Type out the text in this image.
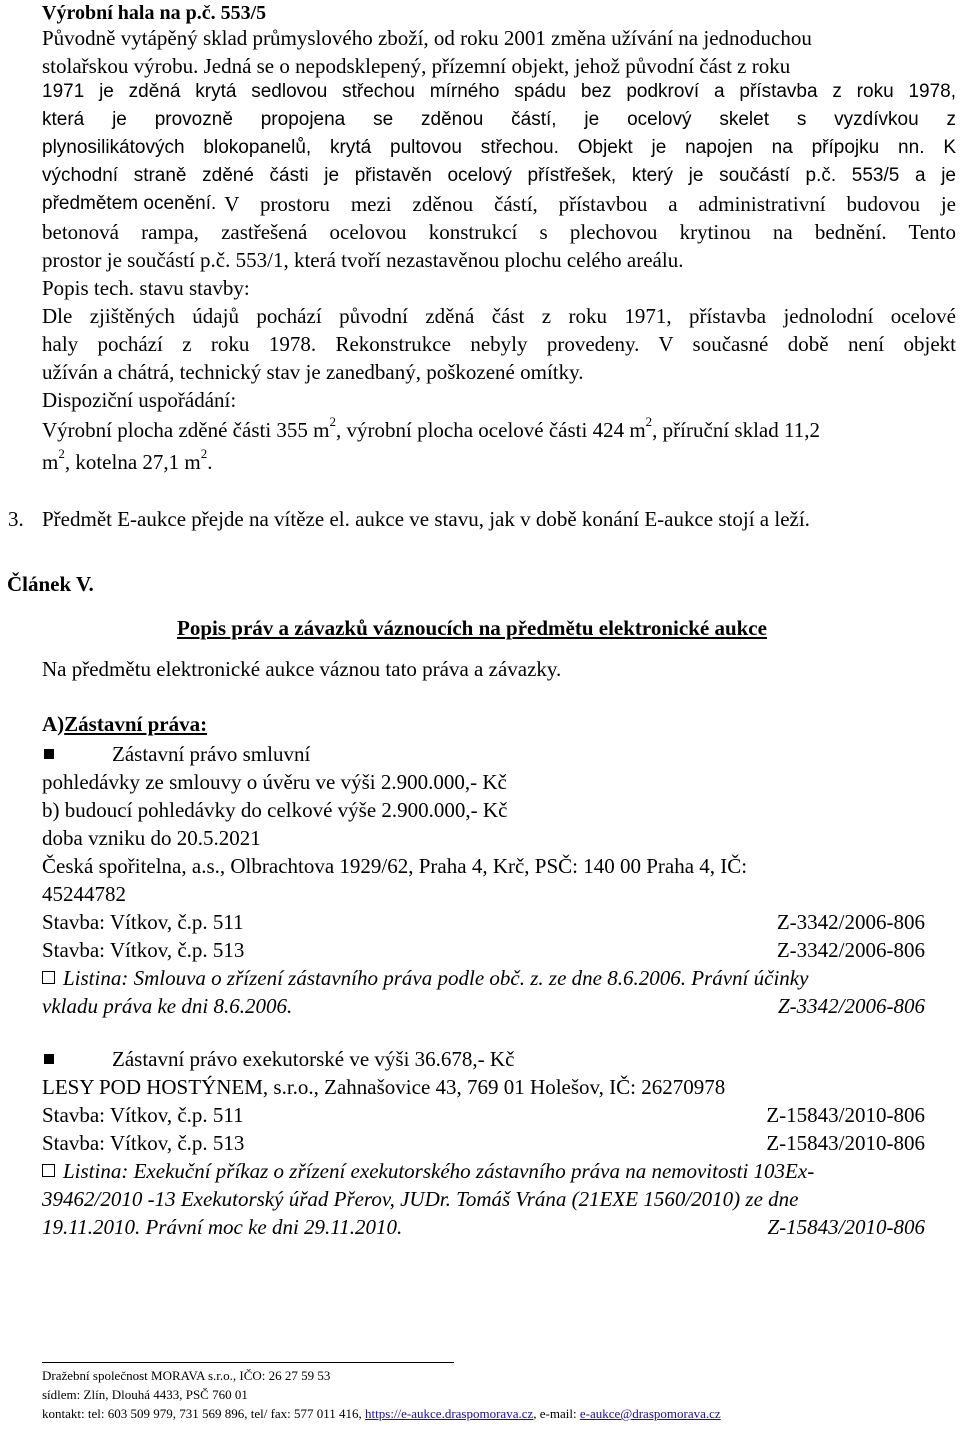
Výrobní hala na p.č. 553/5

Původně vytápěný sklad průmyslového zboží, od roku 2001 změna užívání na jednoduchou

stolařskou výrobu. Jedná se o nepodsklepený, přízemní objekt, jehož původní část z roku

1971 je zděná krytá sedlovou střechou mírného spádu bez podkroví a přístavba z roku 1978,

která je provozně propojena se zděnou částí, je ocelový skelet s vyzdívkou z

plynosilikátových blokopanelů, krytá pultovou střechou. Objekt je napojen na přípojku nn. K

východní straně zděné části je přistavěn ocelový přístřešek, který je součástí p.č. 553/5 a je

předmětem ocenění. V prostoru mezi zděnou částí, přístavbou a administrativní budovou je

betonová rampa, zastřešená ocelovou konstrukcí s plechovou krytinou na bednění. Tento

prostor je součástí p.č. 553/1, která tvoří nezastavěnou plochu celého areálu.

Popis tech. stavu stavby:

Dle zjištěných údajů pochází původní zděná část z roku 1971, přístavba jednolodní ocelové

haly pochází z roku 1978. Rekonstrukce nebyly provedeny. V současné době není objekt

užíván a chátrá, technický stav je zanedbaný, poškozené omítky.

Dispoziční uspořádání:

Výrobní plocha zděné části 355 $m^2$, výrobní plocha ocelové části 424 $m^2$, příruční sklad 11,2

$m^2$, kotelna 27,1 $m^2$.

3. Předmět E-aukce přejde na vítěze el. aukce ve stavu, jak v době konání E-aukce stojí a leží.
Článek V.
Popis práv a závazků váznoucích na předmětu elektronické aukce
Na předmětu elektronické aukce váznou tato práva a závazky.
A)Zástavní práva:
Zástavní právo smluvní

pohledávky ze smlouvy o úvěru ve výši 2.900.000,- Kč

b) budoucí pohledávky do celkové výše 2.900.000,- Kč

doba vzniku do 20.5.2021

Česká spořitelna, a.s., Olbrachtova 1929/62, Praha 4, Krč, PSČ: 140 00 Praha 4, IČ:

45244782

Stavba: Vítkov, č.p. 511	Z-3342/2006-806
Stavba: Vítkov, č.p. 513	Z-3342/2006-806

Listina: Smlouva o zřízení zástavního práva podle obč. z. ze dne 8.6.2006. Právní účinky

vkladu práva ke dni 8.6.2006.	Z-3342/2006-806
Zástavní právo exekutorské ve výši 36.678,- Kč

LESY POD HOSTÝNEM, s.r.o., Zahnašovice 43, 769 01 Holešov, IČ: 26270978

Stavba: Vítkov, č.p. 511	Z-15843/2010-806
Stavba: Vítkov, č.p. 513	Z-15843/2010-806

Listina: Exekuční příkaz o zřízení exekutorského zástavního práva na nemovitosti 103Ex-

39462/2010 -13 Exekutorský úřad Přerov, JUDr. Tomáš Vrána (21EXE 1560/2010) ze dne

19.11.2010. Právní moc ke dni 29.11.2010.	Z-15843/2010-806
Dražební společnost MORAVA s.r.o., IČO: 26 27 59 53
sídlem: Zlín, Dlouhá 4433, PSČ 760 01
kontakt: tel: 603 509 979, 731 569 896, tel/ fax: 577 011 416, https://e-aukce.draspomorava.cz, e-mail: e-aukce@draspomorava.cz
